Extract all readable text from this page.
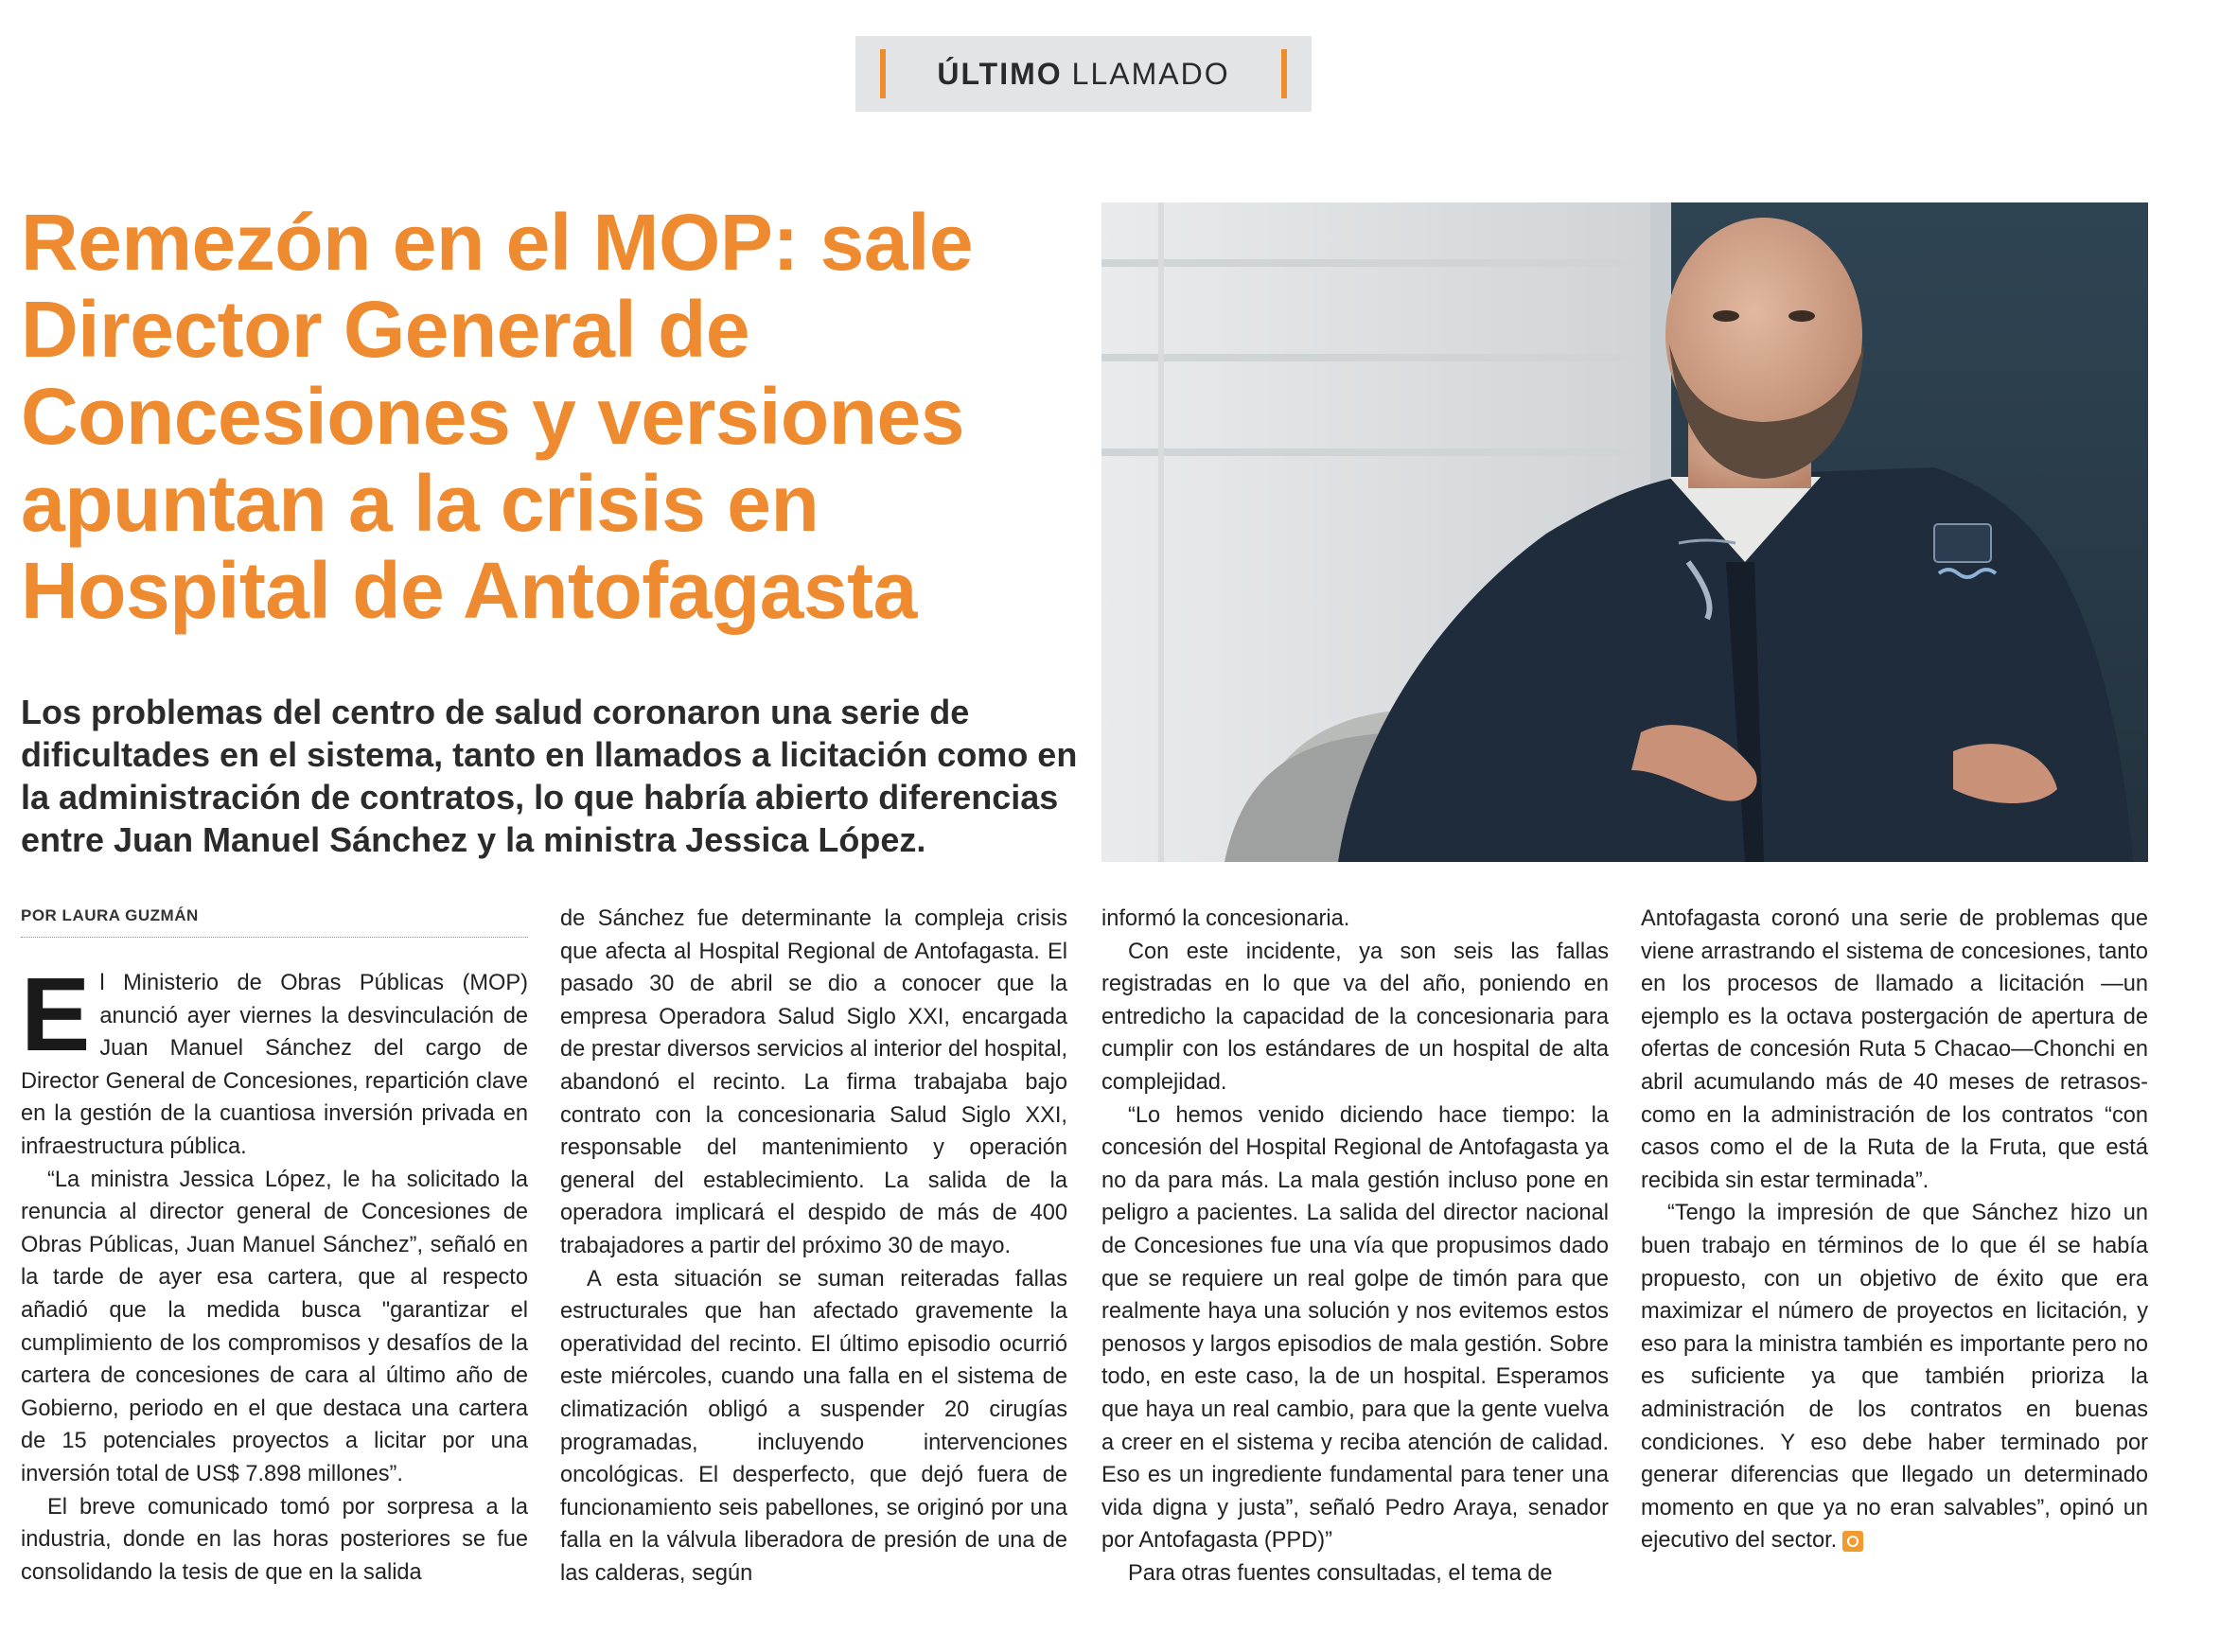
ÚLTIMO LLAMADO
Remezón en el MOP: sale Director General de Concesiones y versiones apuntan a la crisis en Hospital de Antofagasta

Los problemas del centro de salud coronaron una serie de dificultades en el sistema, tanto en llamados a licitación como en la administración de contratos, lo que habría abierto diferencias entre Juan Manuel Sánchez y la ministra Jessica López.

POR LAURA GUZMÁN

El Ministerio de Obras Públicas (MOP) anunció ayer viernes la desvinculación de Juan Manuel Sánchez del cargo de Director General de Concesiones, repartición clave en la gestión de la cuantiosa inversión privada en infraestructura pública.

“La ministra Jessica López, le ha solicitado la renuncia al director general de Concesiones de Obras Públicas, Juan Manuel Sánchez”, señaló en la tarde de ayer esa cartera, que al respecto añadió que la medida busca "garantizar el cumplimiento de los compromisos y desafíos de la cartera de concesiones de cara al último año de Gobierno, periodo en el que destaca una cartera de 15 potenciales proyectos a licitar por una inversión total de US$ 7.898 millones”.

El breve comunicado tomó por sorpresa a la industria, donde en las horas posteriores se fue consolidando la tesis de que en la salida

de Sánchez fue determinante la compleja crisis que afecta al Hospital Regional de Antofagasta. El pasado 30 de abril se dio a conocer que la empresa Operadora Salud Siglo XXI, encargada de prestar diversos servicios al interior del hospital, abandonó el recinto. La firma trabajaba bajo contrato con la concesionaria Salud Siglo XXI, responsable del mantenimiento y operación general del establecimiento. La salida de la operadora implicará el despido de más de 400 trabajadores a partir del próximo 30 de mayo.

A esta situación se suman reiteradas fallas estructurales que han afectado gravemente la operatividad del recinto. El último episodio ocurrió este miércoles, cuando una falla en el sistema de climatización obligó a suspender 20 cirugías programadas, incluyendo intervenciones oncológicas. El desperfecto, que dejó fuera de funcionamiento seis pabellones, se originó por una falla en la válvula liberadora de presión de una de las calderas, según

informó la concesionaria.

Con este incidente, ya son seis las fallas registradas en lo que va del año, poniendo en entredicho la capacidad de la concesionaria para cumplir con los estándares de un hospital de alta complejidad.

“Lo hemos venido diciendo hace tiempo: la concesión del Hospital Regional de Antofagasta ya no da para más. La mala gestión incluso pone en peligro a pacientes. La salida del director nacional de Concesiones fue una vía que propusimos dado que se requiere un real golpe de timón para que realmente haya una solución y nos evitemos estos penosos y largos episodios de mala gestión. Sobre todo, en este caso, la de un hospital. Esperamos que haya un real cambio, para que la gente vuelva a creer en el sistema y reciba atención de calidad. Eso es un ingrediente fundamental para tener una vida digna y justa”, señaló Pedro Araya, senador por Antofagasta (PPD)”

Para otras fuentes consultadas, el tema de

Antofagasta coronó una serie de problemas que viene arrastrando el sistema de concesiones, tanto en los procesos de llamado a licitación —un ejemplo es la octava postergación de apertura de ofertas de concesión Ruta 5 Chacao—Chonchi en abril acumulando más de 40 meses de retrasos- como en la administración de los contratos “con casos como el de la Ruta de la Fruta, que está recibida sin estar terminada”.

“Tengo la impresión de que Sánchez hizo un buen trabajo en términos de lo que él se había propuesto, con un objetivo de éxito que era maximizar el número de proyectos en licitación, y eso para la ministra también es importante pero no es suficiente ya que también prioriza la administración de los contratos en buenas condiciones. Y eso debe haber terminado por generar diferencias que llegado un determinado momento en que ya no eran salvables”, opinó un ejecutivo del sector.
